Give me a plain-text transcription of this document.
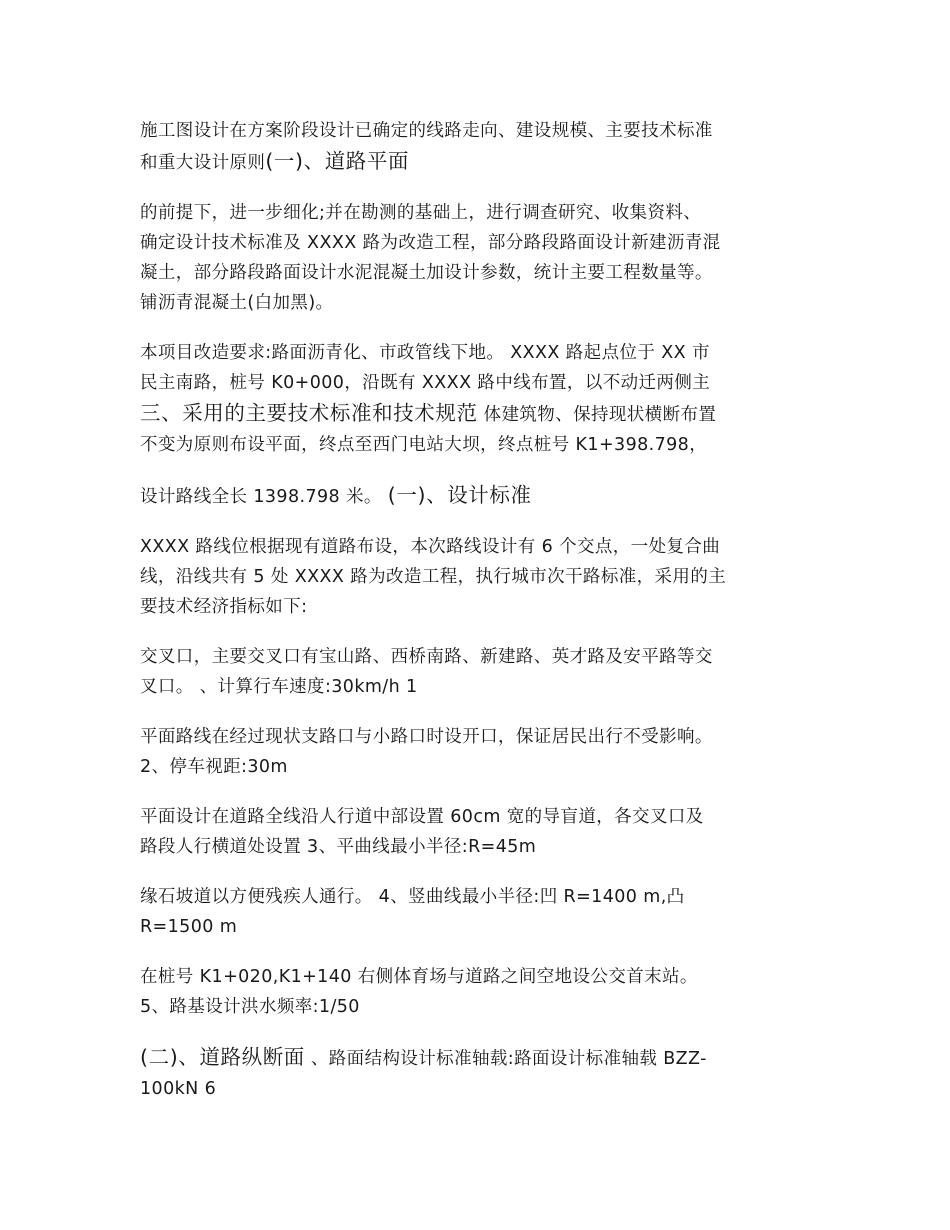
施工图设计在方案阶段设计已确定的线路走向、建设规模、主要技术标准
和重大设计原则(一)、道路平面
的前提下，进一步细化;并在勘测的基础上，进行调查研究、收集资料、
确定设计技术标准及 XXXX 路为改造工程，部分路段路面设计新建沥青混
凝土，部分路段路面设计水泥混凝土加设计参数，统计主要工程数量等。
铺沥青混凝土(白加黑)。
本项目改造要求:路面沥青化、市政管线下地。 XXXX 路起点位于 XX 市
民主南路，桩号 K0+000，沿既有 XXXX 路中线布置，以不动迁两侧主
三、采用的主要技术标准和技术规范 体建筑物、保持现状横断布置
不变为原则布设平面，终点至西门电站大坝，终点桩号 K1+398.798，
设计路线全长 1398.798 米。 (一)、设计标准
XXXX 路线位根据现有道路布设，本次路线设计有 6 个交点，一处复合曲
线，沿线共有 5 处 XXXX 路为改造工程，执行城市次干路标准，采用的主
要技术经济指标如下:
交叉口，主要交叉口有宝山路、西桥南路、新建路、英才路及安平路等交
叉口。 、计算行车速度:30km/h 1
平面路线在经过现状支路口与小路口时设开口，保证居民出行不受影响。
2、停车视距:30m
平面设计在道路全线沿人行道中部设置 60cm 宽的导盲道，各交叉口及
路段人行横道处设置 3、平曲线最小半径:R=45m
缘石坡道以方便残疾人通行。 4、竖曲线最小半径:凹 R=1400 m,凸
R=1500 m
在桩号 K1+020,K1+140 右侧体育场与道路之间空地设公交首末站。
5、路基设计洪水频率:1/50
(二)、道路纵断面 、路面结构设计标准轴载:路面设计标准轴载 BZZ-
100kN 6
